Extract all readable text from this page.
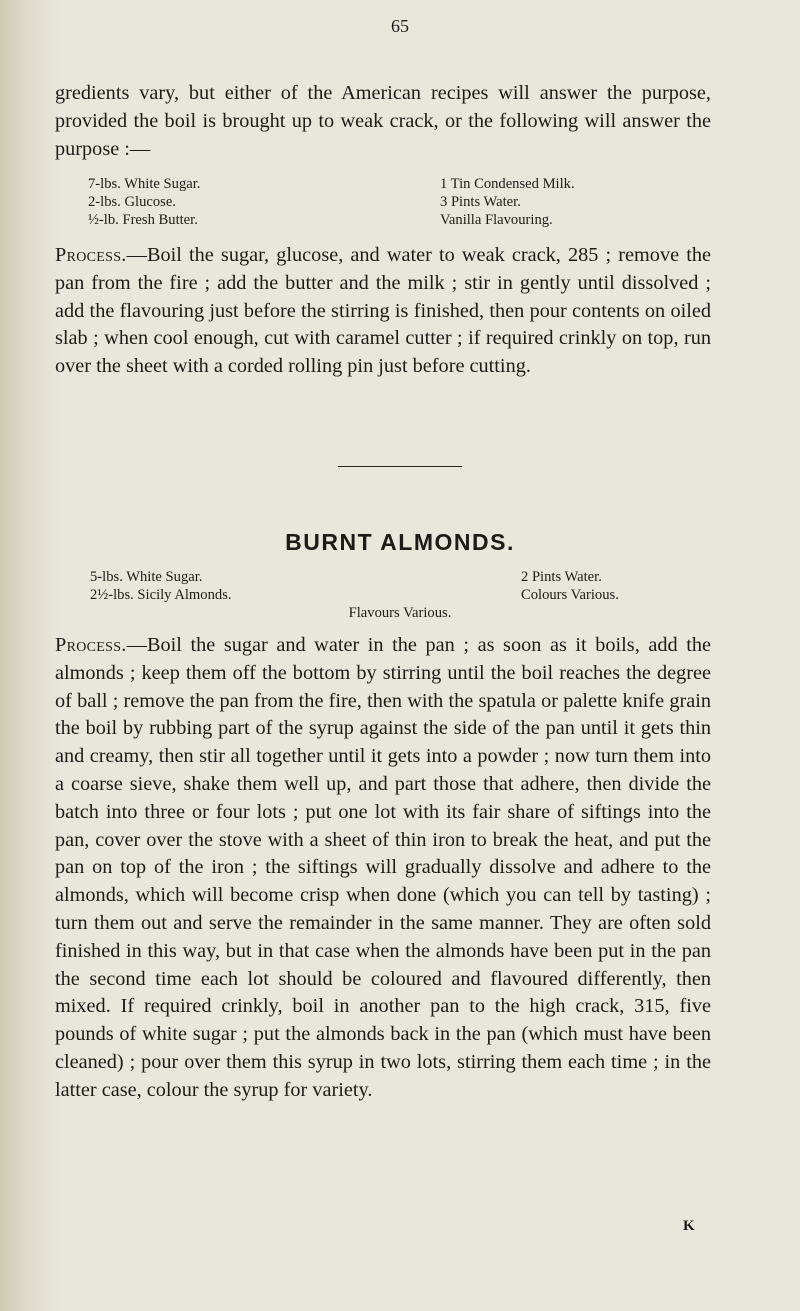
65

gredients vary, but either of the American recipes will answer the purpose, provided the boil is brought up to weak crack, or the following will answer the purpose :—

7-lbs. White Sugar.
2-lbs. Glucose.
½-lb. Fresh Butter.
1 Tin Condensed Milk.
3 Pints Water.
Vanilla Flavouring.

Process.—Boil the sugar, glucose, and water to weak crack, 285 ; remove the pan from the fire ; add the butter and the milk ; stir in gently until dissolved ; add the flavouring just before the stirring is finished, then pour contents on oiled slab ; when cool enough, cut with caramel cutter ; if required crinkly on top, run over the sheet with a corded rolling pin just before cutting.

BURNT ALMONDS.
5-lbs. White Sugar.
2½-lbs. Sicily Almonds.
2 Pints Water.
Colours Various.
Flavours Various.

Process.—Boil the sugar and water in the pan ; as soon as it boils, add the almonds ; keep them off the bottom by stirring until the boil reaches the degree of ball ; remove the pan from the fire, then with the spatula or palette knife grain the boil by rubbing part of the syrup against the side of the pan until it gets thin and creamy, then stir all together until it gets into a powder ; now turn them into a coarse sieve, shake them well up, and part those that adhere, then divide the batch into three or four lots ; put one lot with its fair share of siftings into the pan, cover over the stove with a sheet of thin iron to break the heat, and put the pan on top of the iron ; the siftings will gradually dissolve and adhere to the almonds, which will become crisp when done (which you can tell by tasting) ; turn them out and serve the remainder in the same manner. They are often sold finished in this way, but in that case when the almonds have been put in the pan the second time each lot should be coloured and flavoured differently, then mixed. If required crinkly, boil in another pan to the high crack, 315, five pounds of white sugar ; put the almonds back in the pan (which must have been cleaned) ; pour over them this syrup in two lots, stirring them each time ; in the latter case, colour the syrup for variety.

K
